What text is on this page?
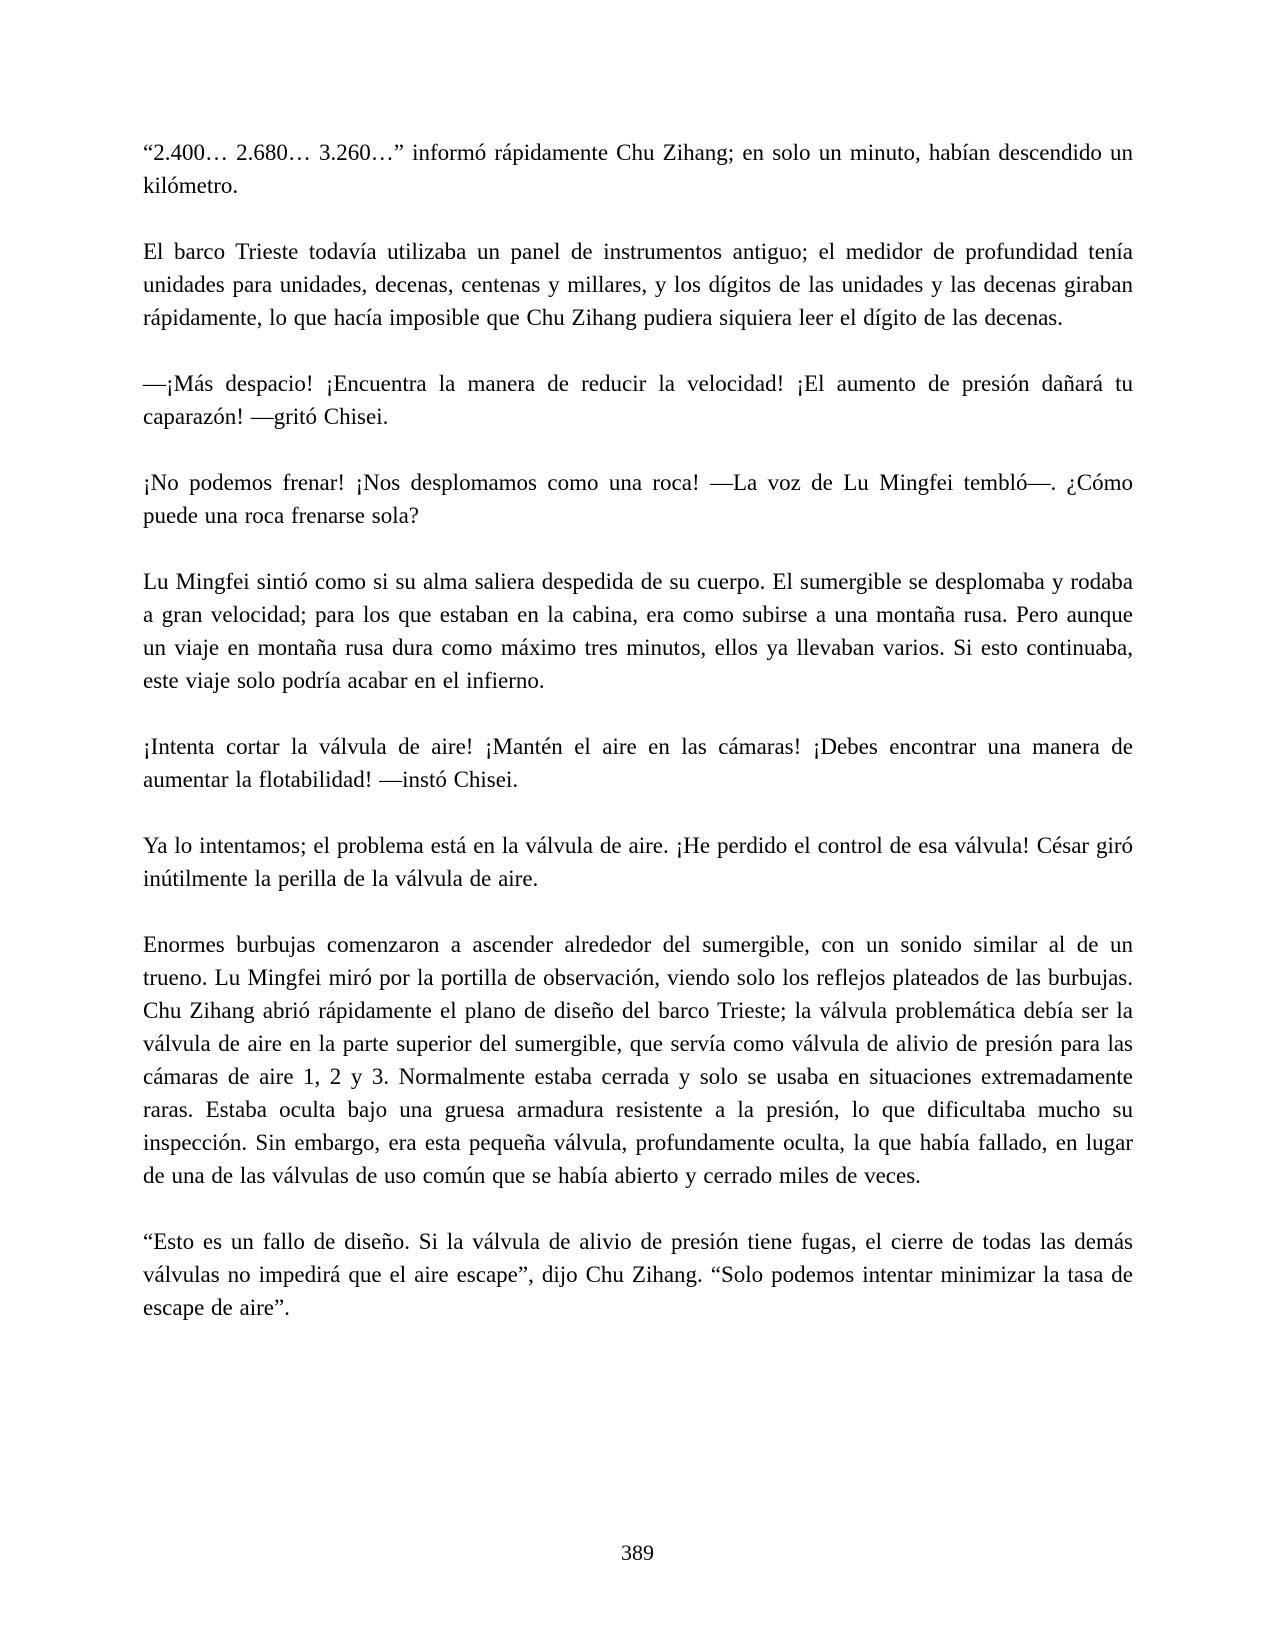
“2.400… 2.680… 3.260…” informó rápidamente Chu Zihang; en solo un minuto, habían descendido un kilómetro.

El barco Trieste todavía utilizaba un panel de instrumentos antiguo; el medidor de profundidad tenía unidades para unidades, decenas, centenas y millares, y los dígitos de las unidades y las decenas giraban rápidamente, lo que hacía imposible que Chu Zihang pudiera siquiera leer el dígito de las decenas.

—¡Más despacio! ¡Encuentra la manera de reducir la velocidad! ¡El aumento de presión dañará tu caparazón! —gritó Chisei.

¡No podemos frenar! ¡Nos desplomamos como una roca! —La voz de Lu Mingfei tembló—. ¿Cómo puede una roca frenarse sola?

Lu Mingfei sintió como si su alma saliera despedida de su cuerpo. El sumergible se desplomaba y rodaba a gran velocidad; para los que estaban en la cabina, era como subirse a una montaña rusa. Pero aunque un viaje en montaña rusa dura como máximo tres minutos, ellos ya llevaban varios. Si esto continuaba, este viaje solo podría acabar en el infierno.

¡Intenta cortar la válvula de aire! ¡Mantén el aire en las cámaras! ¡Debes encontrar una manera de aumentar la flotabilidad! —instó Chisei.

Ya lo intentamos; el problema está en la válvula de aire. ¡He perdido el control de esa válvula! César giró inútilmente la perilla de la válvula de aire.

Enormes burbujas comenzaron a ascender alrededor del sumergible, con un sonido similar al de un trueno. Lu Mingfei miró por la portilla de observación, viendo solo los reflejos plateados de las burbujas. Chu Zihang abrió rápidamente el plano de diseño del barco Trieste; la válvula problemática debía ser la válvula de aire en la parte superior del sumergible, que servía como válvula de alivio de presión para las cámaras de aire 1, 2 y 3. Normalmente estaba cerrada y solo se usaba en situaciones extremadamente raras. Estaba oculta bajo una gruesa armadura resistente a la presión, lo que dificultaba mucho su inspección. Sin embargo, era esta pequeña válvula, profundamente oculta, la que había fallado, en lugar de una de las válvulas de uso común que se había abierto y cerrado miles de veces.

“Esto es un fallo de diseño. Si la válvula de alivio de presión tiene fugas, el cierre de todas las demás válvulas no impedirá que el aire escape”, dijo Chu Zihang. “Solo podemos intentar minimizar la tasa de escape de aire”.

389
